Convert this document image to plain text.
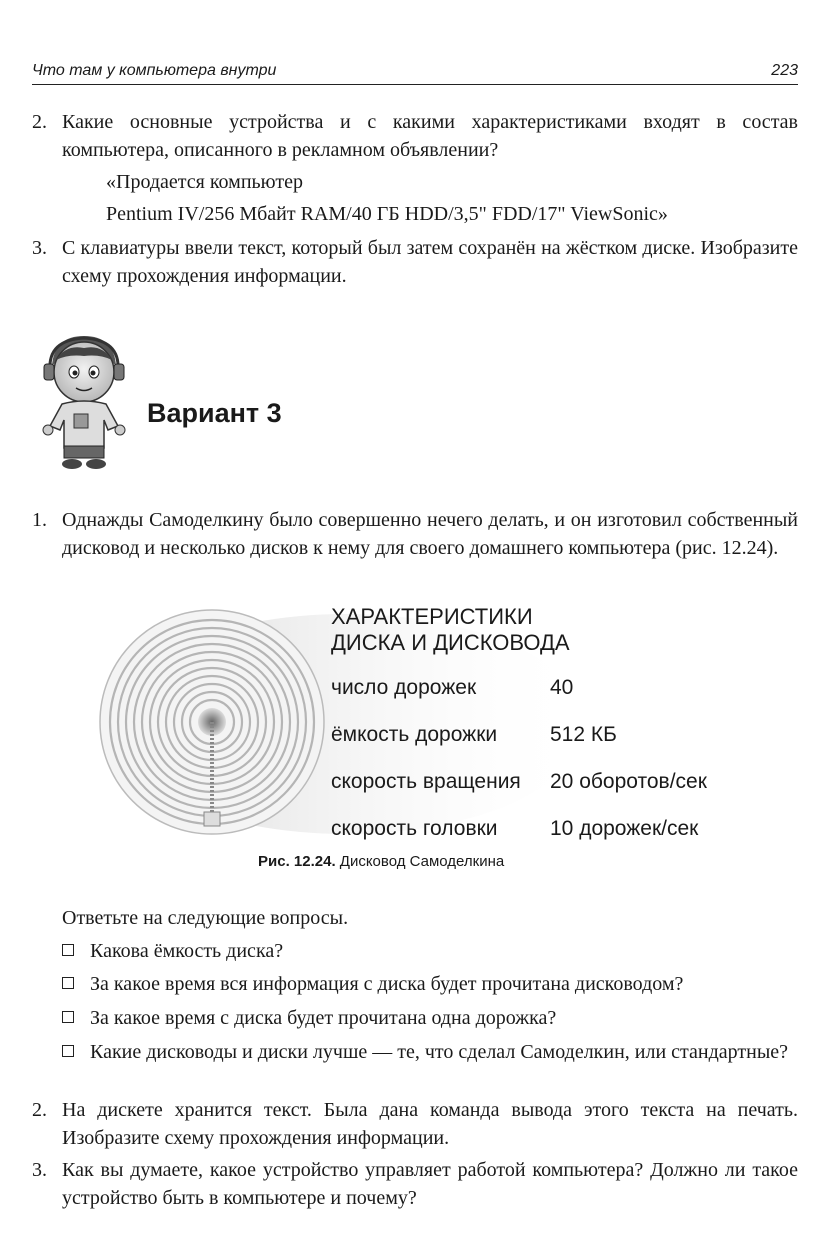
Что там у компьютера внутри	223
2. Какие основные устройства и с какими характеристиками входят в состав компьютера, описанного в рекламном объявлении?
«Продается компьютер
Pentium IV/256 Мбайт RAM/40 ГБ HDD/3,5" FDD/17" ViewSonic»
3. С клавиатуры ввели текст, который был затем сохранён на жёстком диске. Изобразите схему прохождения информации.
Вариант 3
1. Однажды Самоделкину было совершенно нечего делать, и он изготовил собственный дисковод и несколько дисков к нему для своего домашнего компьютера (рис. 12.24).
ХАРАКТЕРИСТИКИ
ДИСКА И ДИСКОВОДА
число дорожек	40
ёмкость дорожки	512 КБ
скорость вращения 20 оборотов/сек
скорость головки 10 дорожек/сек
Рис. 12.24. Дисковод Самоделкина
Ответьте на следующие вопросы.
Какова ёмкость диска?
За какое время вся информация с диска будет прочитана дисководом?
За какое время с диска будет прочитана одна дорожка?
Какие дисководы и диски лучше — те, что сделал Самоделкин, или стандартные?
2. На дискете хранится текст. Была дана команда вывода этого текста на печать. Изобразите схему прохождения информации.
3. Как вы думаете, какое устройство управляет работой компьютера? Должно ли такое устройство быть в компьютере и почему?
